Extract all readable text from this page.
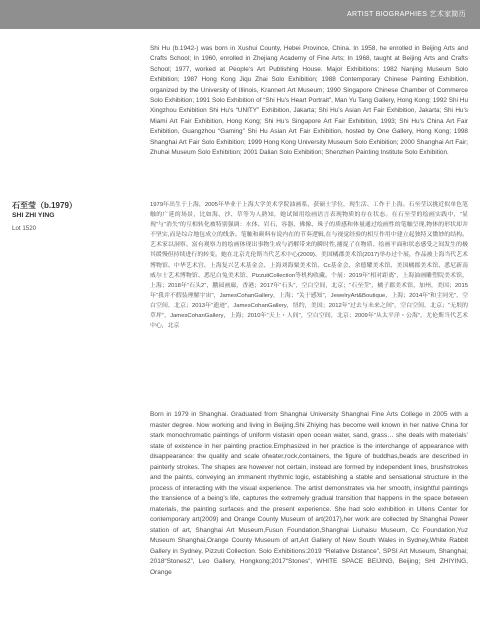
ARTIST BIOGRAPHIES 艺术家简历
Shi Hu (b.1942-) was born in Xushui County, Hebei Province, China. In 1958, he enrolled in Beijing Arts and Crafts School; In 1960, enrolled in Zhejiang Academy of Fine Arts; In 1968, taught at Beijing Arts and Crafts School; 1977, worked at People’s Art Publishing House. Major Exhibitions: 1982 Nanjing Museum Solo Exhibition; 1987 Hong Kong Jiqu Zhai Solo Exhibition; 1988 Contemporary Chinese Painting Exhibition, organized by the University of Illinois, Krannert Art Museum; 1990 Singapore Chinese Chamber of Commerce Solo Exhibition; 1991 Solo Exhibition of “Shi Hu’s Heart Portrait”, Man Yu Tang Gallery, Hong Kong; 1992 Shi Hu Xingzhou Exhibition Shi Hu’s “UNITY” Exhibition, Jakarta; Shi Hu’s Asian Art Fair Exhibition, Jakarta; Shi Hu’s Miami Art Fair Exhibition, Hong Kong; Shi Hu’s Singapore Art Fair Exhibition, 1993; Shi Hu’s China Art Fair Exhibition, Guangzhou “Gaming” Shi Hu Asian Art Fair Exhibition, hosted by One Gallery, Hong Kong; 1998 Shanghai Art Fair Solo Exhibition; 1999 Hong Kong University Museum Solo Exhibition; 2000 Shanghai Art Fair; Zhuhai Museum Solo Exhibition; 2001 Dalian Solo Exhibition; Shenzhen Painting Institute Solo Exhibition.
石至莹（b.1979）
SHI ZHI YING
Lot 1520
1979年出生于上海，2005年毕业于上海大学美术学院油画系，获硕士学位，现生活、工作于上海。石至莹以挑近似单色笔触的广延的场景，比如海、沙、草等为人熟知，她试图用绘画语言表现物质的存在状态。在石至莹的绘画实践中，“显现”与“消失”的互相转化被特别强调：水体、岩石、容器、佛像、珠子的质感和体量通过绘画性的笔触呈现,物体的形状却并不坚实,而是综合地包成立的线条。笔触和颜料有说内在的节奏逻辑,在与视觉经验的相互作用中建立起独特又微妙的结构。艺术家以洞察、富有观察力的绘画体现出事物生成与消解带来的瞬时性,捕捉了在物质、绘画平面和状态感受之间发生的极其缓慢但持续进行的转变。她在北京尤伦斯当代艺术中心(2009)、美国橘郡美术馆(2017)举办过个展，作品被上海当代艺术博物馆、中华艺术宫、上海复兴艺术基金会、上海刘海粟美术馆、Cc基金会、余德耀美术馆、美国橘郡美术馆、悉尼新南威尔士艺术博物馆、悉尼白兔美术馆、PizzutiCollection等机构收藏。个展：2019年“相对距离”，上海油画雕塑院美术馆，上海；2018年“石头2”，鹏园画廊，香港；2017年“石头”，空白空间，北京；“石至莹”，橘子郡美术馆，加州，美国；2015年“我并不假装理解宇宙”，JamesCohanGallery，上海；“关于感知”，JewelryArt&Boutique，上海；2014年“和尘同光”，空白空间，北京；2013年“遗迹”，JamesCohanGallery，纽约，美国；2012年“过去与未来之间”，空白空间，北京；“无垠的草坪”，JamesCohanGallery，上海；2010年“天上・人间”，空白空间，北京；2009年“从太平洋・公海”，尤伦斯当代艺术中心，北京
Born in 1979 in Shanghai. Graduated from Shanghai University Shanghai Fine Arts College in 2005 with a master degree. Now working and living in Beijing.Shi Zhiying has become well known in her native China for stark monochromatic paintings of uniform vistasin open ocean water, sand, grass… she deals with materials’ state of existence in her painting practice.Emphasized in her practice is the interchange of appearance with disappearance: the quality and scale ofwater,rock,containers, the figure of buddhas,beads are described in painterly strokes. The shapes are however not certain, instead are formed by independent lines, brushstrokes and the paints, conveying an immanent rhythmic logic, establishing a stable and sensational structure in the process of interacting with the visual experience. The artist demonstrates via her smooth, insightful paintings the transience of a being’s life, captures the extremely gradual transition that happens in the space between materials, the painting surfaces and the present experience. She had solo exhibition in Ullens Center for contemporary art(2009) and Orange County Museum of art(2017),her work are collected by Shanghai Power station of art, Shanghai Art Museum,Fusun Foundation,Shanghai Liuhaisu Museum, Cc Foundation,Yuz Museum Shanghai,Orange County Museum of art,Art Gallery of New South Wales in Sydney,White Rabbit Gallery in Sydney, Pizzuti Collection. Solo Exhibitions:2019 “Relative Distance”, SPSI Art Museum, Shanghai; 2018“Stones2”, Leo Gallery, Hongkong;2017“Stones”, WHITE SPACE BEIJING, Beijing；SHI ZHIYING, Orange
